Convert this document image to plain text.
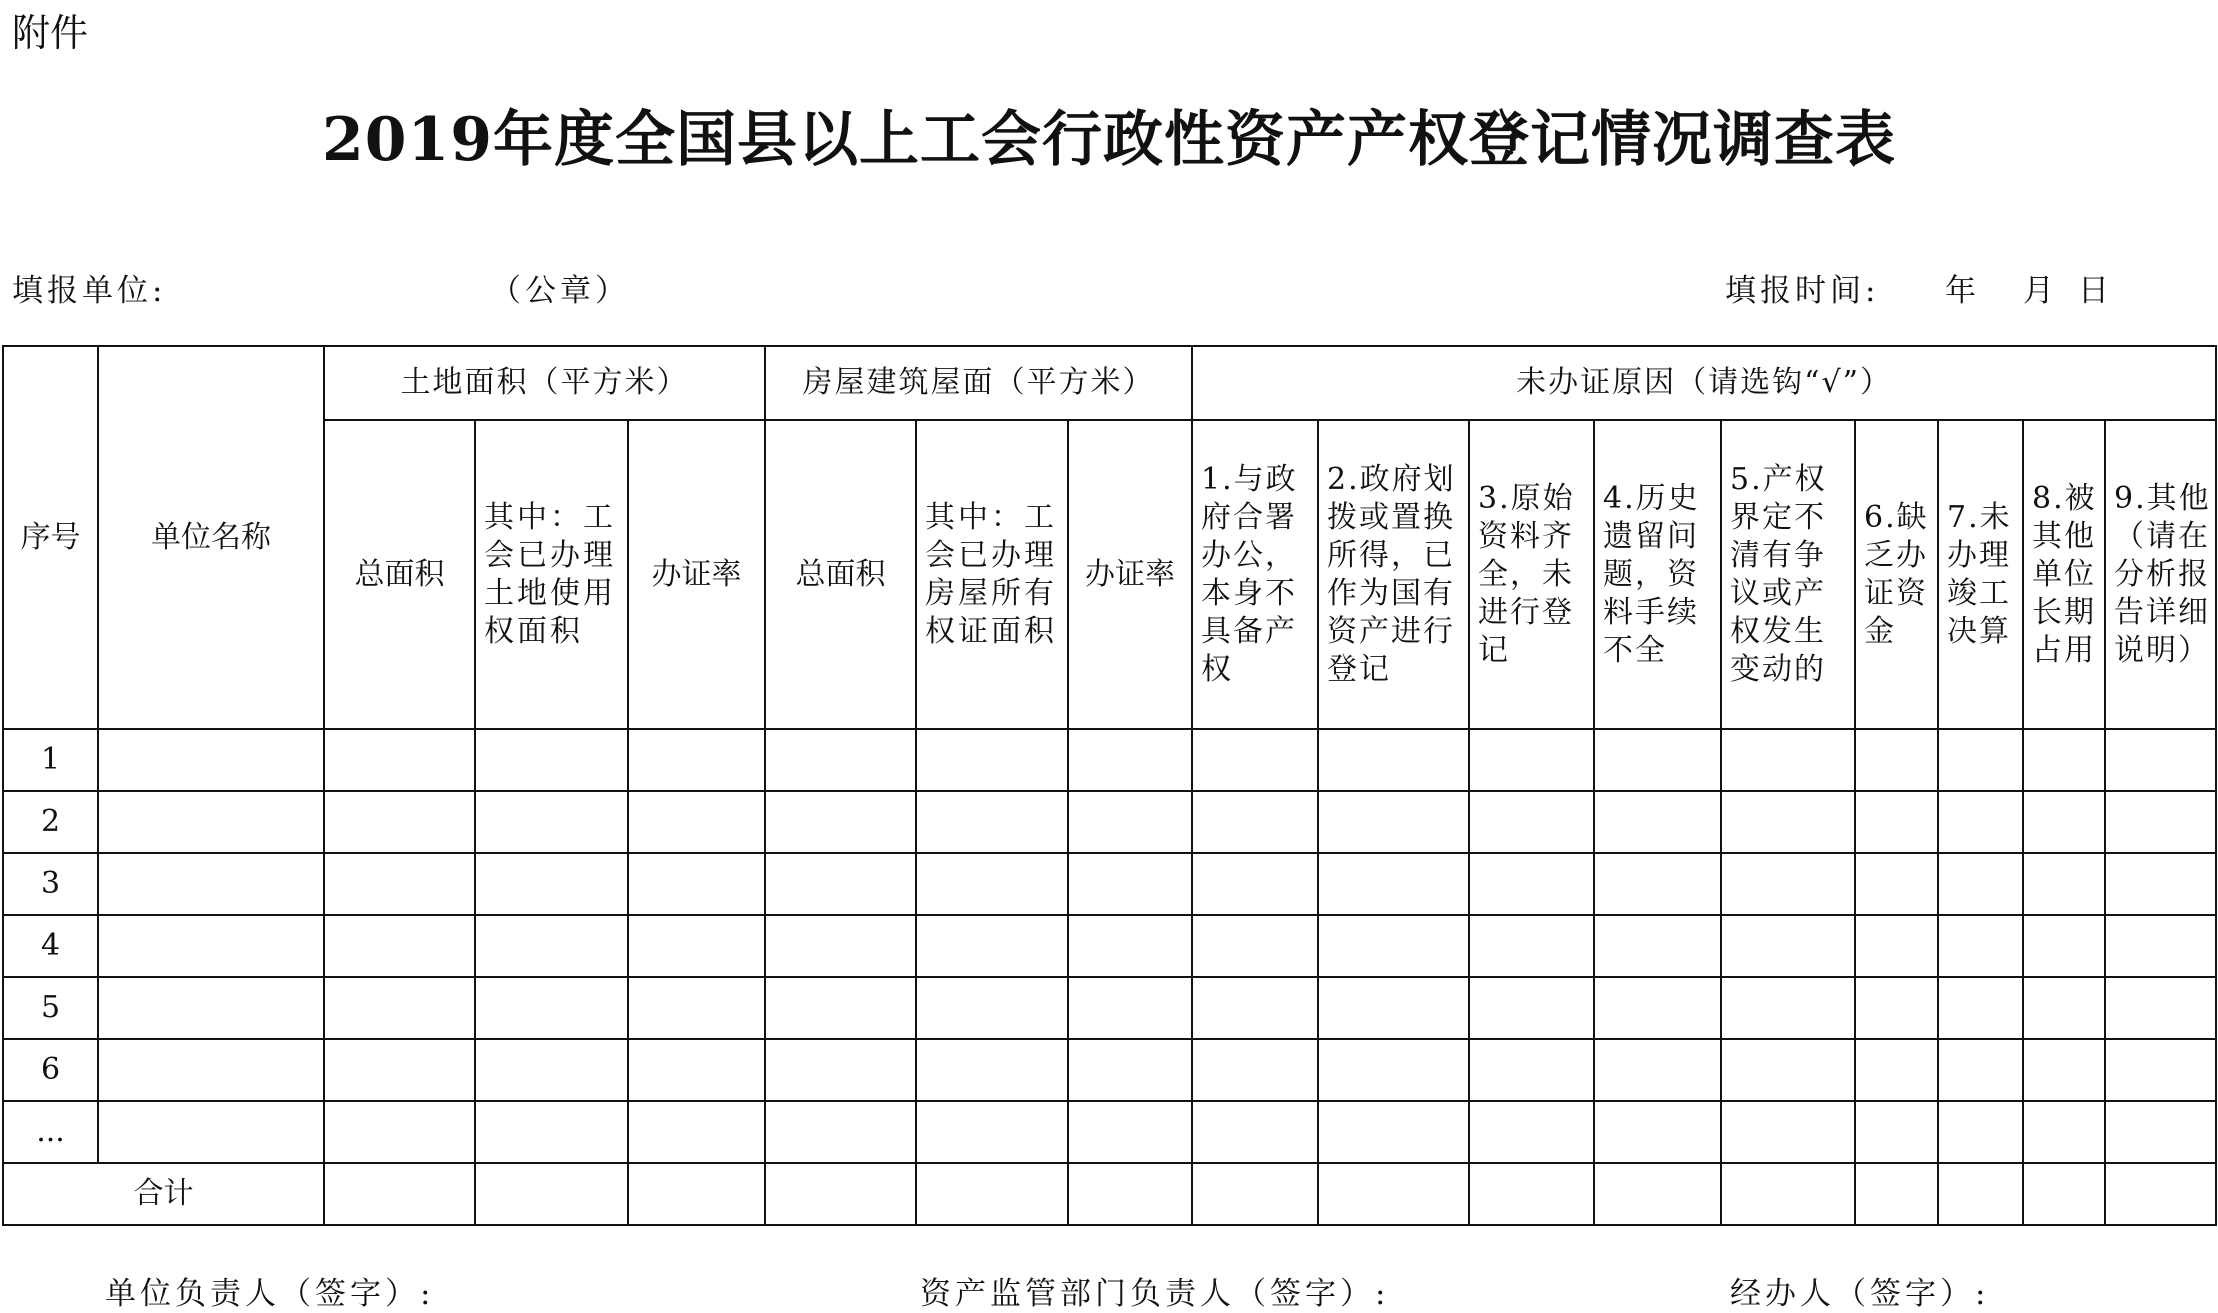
附件
2019年度全国县以上工会行政性资产产权登记情况调查表
填报单位:	（公章）	填报时间: 年 月 日
序号	单位名称	土地面积（平方米）			房屋建筑屋面（平方米）			未办证原因（请选钩“√”）								
		总面积	其中：工会已办理土地使用权面积	办证率	总面积	其中：工会已办理房屋所有权证面积	办证率	1.与政府合署办公，本身不具备产权	2.政府划拨或置换所得，已作为国有资产进行登记	3.原始资料齐全，未进行登记	4.历史遗留问题，资料手续不全	5.产权界定不清有争议或产权发生变动的	6.缺乏办证资金	7.未办理竣工决算	8.被其他单位长期占用	9.其他（请在分析报告详细说明）
1																
2																
3																
4																
5																
6																
...																
合计																
单位负责人（签字）:	资产监管部门负责人（签字）:	经办人（签字）:
